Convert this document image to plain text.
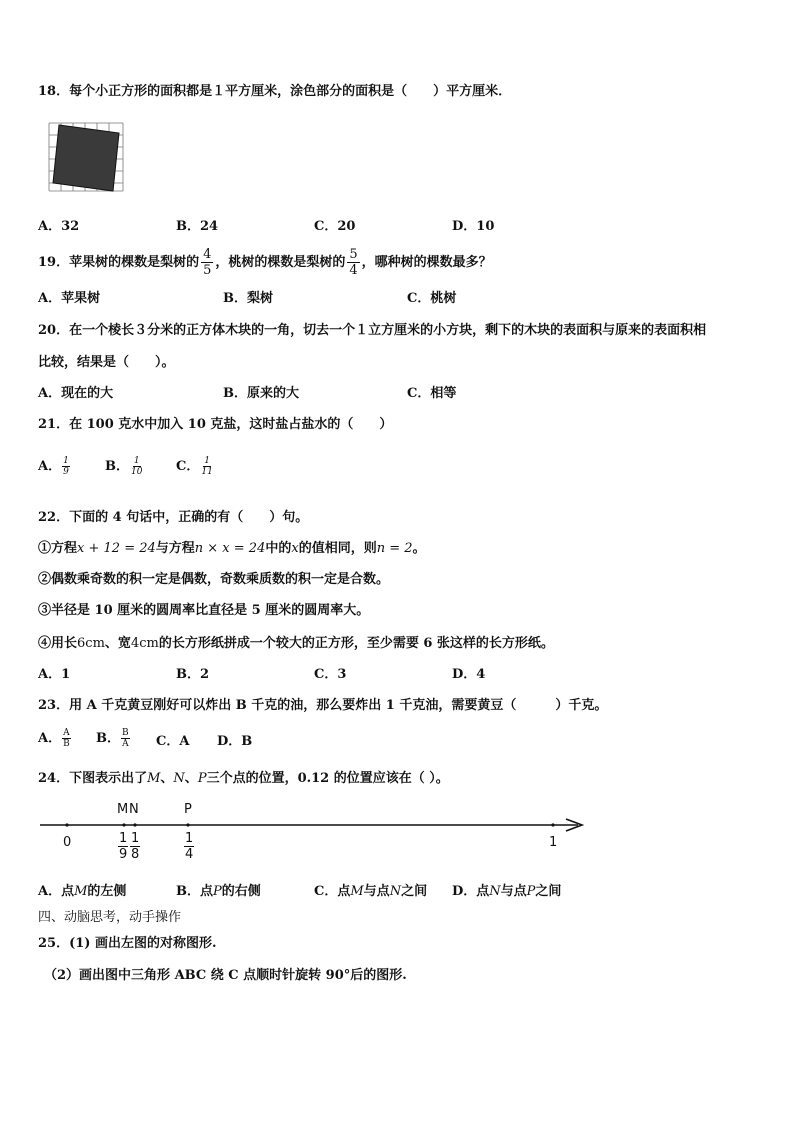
18．每个小正方形的面积都是１平方厘米，涂色部分的面积是（　　）平方厘米．
A．32	B．24	C．20	D．10
19．苹果树的棵数是梨树的 $\frac{4}{5}$ ，桃树的棵数是梨树的 $\frac{5}{4}$ ，哪种树的棵数最多？
A．苹果树	B．梨树	C．桃树
20．在一个棱长３分米的正方体木块的一角，切去一个１立方厘米的小方块，剩下的木块的表面积与原来的表面积相
比较，结果是（　　）。
A．现在的大	B．原来的大	C．相等
21．在 100 克水中加入 10 克盐，这时盐占盐水的（　　）
A． $\frac{1}{9}$	B． $\frac{1}{10}$	C． $\frac{1}{11}$
22．下面的 4 句话中，正确的有（　　）句。
①方程x + 12 = 24与方程n × x = 24中的x的值相同，则n = 2。
②偶数乘奇数的积一定是偶数，奇数乘质数的积一定是合数。
③半径是 10 厘米的圆周率比直径是 5 厘米的圆周率大。
④用长6cm、宽4cm的长方形纸拼成一个较大的正方形，至少需要 6 张这样的长方形纸。
A．1	B．2	C．3	D．4
23．用 A 千克黄豆刚好可以炸出 B 千克的油，那么要炸出 1 千克油，需要黄豆（　　　）千克。
A． $\frac{A}{B}$ B． $\frac{B}{A}$ C．A D．B
24．下图表示出了M、N、P三个点的位置，0.12 的位置应该在（ ）。
M N	P
0	1
9
1
8
1
4
1
A．点M的左侧	B．点P的右侧	C．点M与点N之间 D．点N与点P之间
四、动脑思考，动手操作
25．(1) 画出左图的对称图形.
（2）画出图中三角形 ABC 绕 C 点顺时针旋转 90°后的图形.
